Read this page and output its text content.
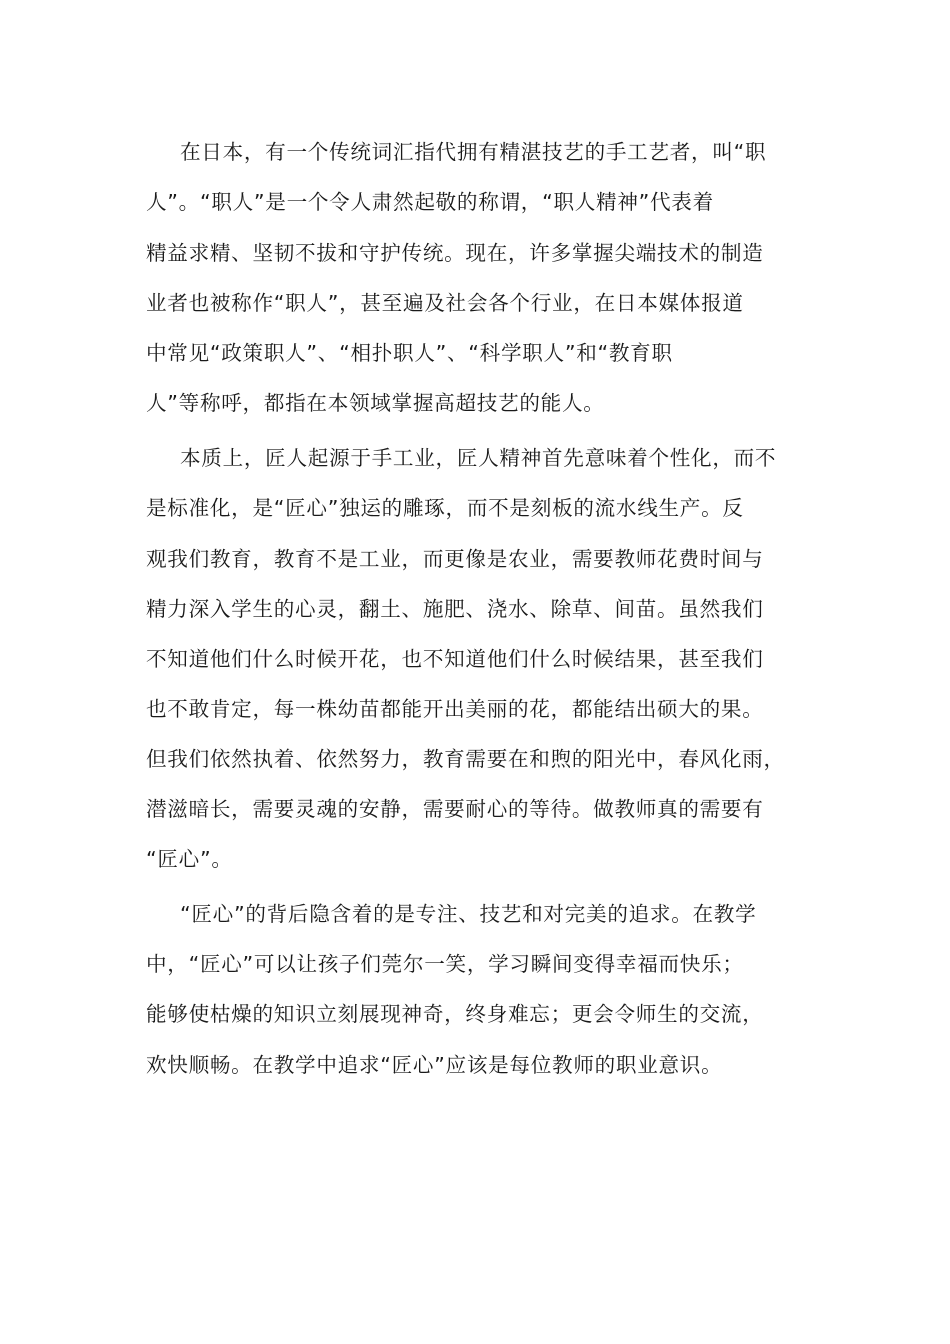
在日本，有一个传统词汇指代拥有精湛技艺的手工艺者，叫“职

人”。“职人”是一个令人肃然起敬的称谓，“职人精神”代表着

精益求精、坚韧不拔和守护传统。现在，许多掌握尖端技术的制造

业者也被称作“职人”，甚至遍及社会各个行业，在日本媒体报道

中常见“政策职人”、“相扑职人”、“科学职人”和“教育职

人”等称呼，都指在本领域掌握高超技艺的能人。

本质上，匠人起源于手工业，匠人精神首先意味着个性化，而不

是标准化，是“匠心”独运的雕琢，而不是刻板的流水线生产。反

观我们教育，教育不是工业，而更像是农业，需要教师花费时间与

精力深入学生的心灵，翻土、施肥、浇水、除草、间苗。虽然我们

不知道他们什么时候开花，也不知道他们什么时候结果，甚至我们

也不敢肯定，每一株幼苗都能开出美丽的花，都能结出硕大的果。

但我们依然执着、依然努力，教育需要在和煦的阳光中，春风化雨，

潜滋暗长，需要灵魂的安静，需要耐心的等待。做教师真的需要有

“匠心”。

“匠心”的背后隐含着的是专注、技艺和对完美的追求。在教学

中，“匠心”可以让孩子们莞尔一笑，学习瞬间变得幸福而快乐；

能够使枯燥的知识立刻展现神奇，终身难忘；更会令师生的交流，

欢快顺畅。在教学中追求“匠心”应该是每位教师的职业意识。
